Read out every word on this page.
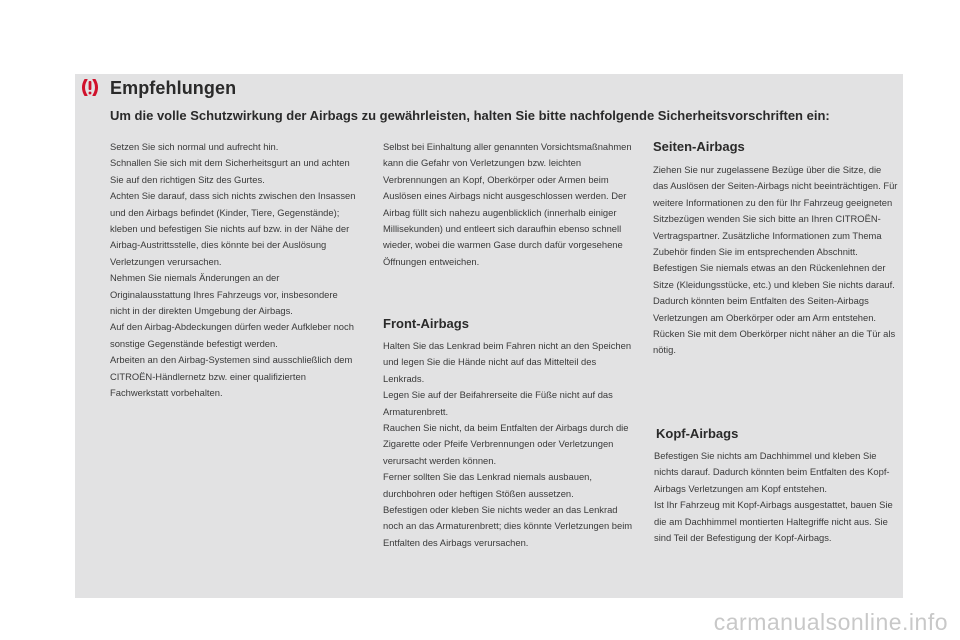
Empfehlungen
Um die volle Schutzwirkung der Airbags zu gewährleisten, halten Sie bitte nachfolgende Sicherheitsvorschriften ein:

Setzen Sie sich normal und aufrecht hin.
Schnallen Sie sich mit dem Sicherheitsgurt an und achten Sie auf den richtigen Sitz des Gurtes.
Achten Sie darauf, dass sich nichts zwischen den Insassen und den Airbags befindet (Kinder, Tiere, Gegenstände); kleben und befestigen Sie nichts auf bzw. in der Nähe der Airbag-Austrittsstelle, dies könnte bei der Auslösung Verletzungen verursachen.
Nehmen Sie niemals Änderungen an der Originalausstattung Ihres Fahrzeugs vor, insbesondere nicht in der direkten Umgebung der Airbags.
Auf den Airbag-Abdeckungen dürfen weder Aufkleber noch sonstige Gegenstände befestigt werden.
Arbeiten an den Airbag-Systemen sind ausschließlich dem CITROËN-Händlernetz bzw. einer qualifizierten Fachwerkstatt vorbehalten.

Selbst bei Einhaltung aller genannten Vorsichtsmaßnahmen kann die Gefahr von Verletzungen bzw. leichten Verbrennungen an Kopf, Oberkörper oder Armen beim Auslösen eines Airbags nicht ausgeschlossen werden. Der Airbag füllt sich nahezu augenblicklich (innerhalb einiger Millisekunden) und entleert sich daraufhin ebenso schnell wieder, wobei die warmen Gase durch dafür vorgesehene Öffnungen entweichen.

Front-Airbags

Halten Sie das Lenkrad beim Fahren nicht an den Speichen und legen Sie die Hände nicht auf das Mittelteil des Lenkrads.
Legen Sie auf der Beifahrerseite die Füße nicht auf das Armaturenbrett.
Rauchen Sie nicht, da beim Entfalten der Airbags durch die Zigarette oder Pfeife Verbrennungen oder Verletzungen verursacht werden können.
Ferner sollten Sie das Lenkrad niemals ausbauen, durchbohren oder heftigen Stößen aussetzen.
Befestigen oder kleben Sie nichts weder an das Lenkrad noch an das Armaturenbrett; dies könnte Verletzungen beim Entfalten des Airbags verursachen.

Seiten-Airbags

Ziehen Sie nur zugelassene Bezüge über die Sitze, die das Auslösen der Seiten-Airbags nicht beeinträchtigen. Für weitere Informationen zu den für Ihr Fahrzeug geeigneten Sitzbezügen wenden Sie sich bitte an Ihren CITROËN-Vertragspartner. Zusätzliche Informationen zum Thema Zubehör finden Sie im entsprechenden Abschnitt.
Befestigen Sie niemals etwas an den Rückenlehnen der Sitze (Kleidungsstücke, etc.) und kleben Sie nichts darauf. Dadurch könnten beim Entfalten des Seiten-Airbags Verletzungen am Oberkörper oder am Arm entstehen.
Rücken Sie mit dem Oberkörper nicht näher an die Tür als nötig.

Kopf-Airbags

Befestigen Sie nichts am Dachhimmel und kleben Sie nichts darauf. Dadurch könnten beim Entfalten des Kopf-Airbags Verletzungen am Kopf entstehen.
Ist Ihr Fahrzeug mit Kopf-Airbags ausgestattet, bauen Sie die am Dachhimmel montierten Haltegriffe nicht aus. Sie sind Teil der Befestigung der Kopf-Airbags.

carmanualsonline.info
